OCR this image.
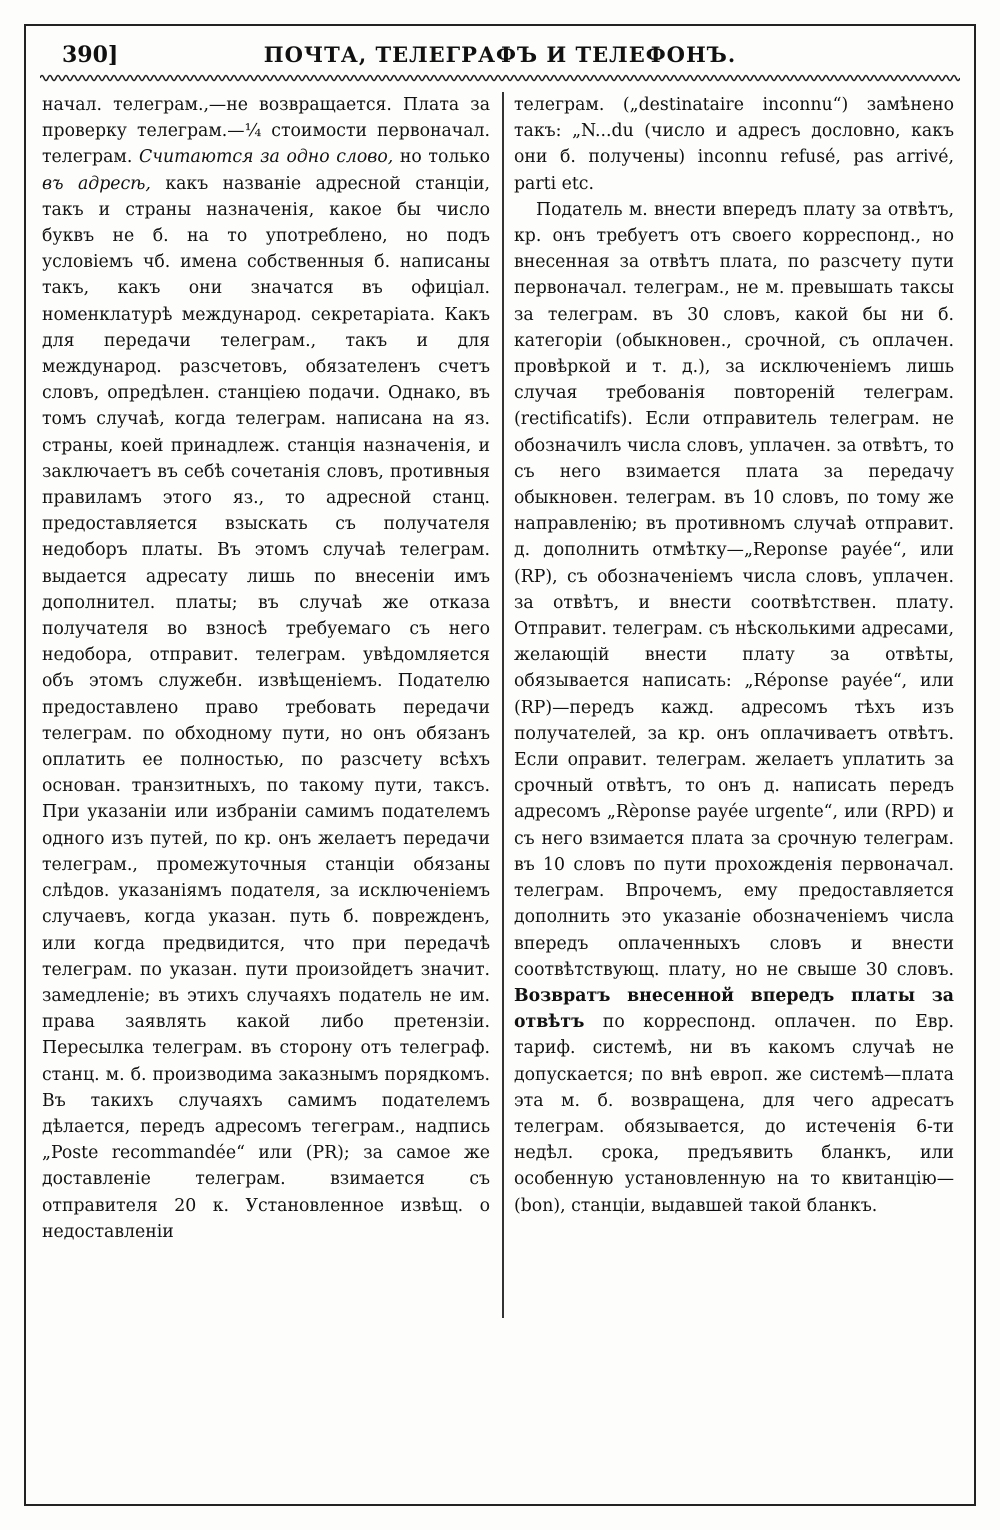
390]	ПОЧТА, ТЕЛЕГРАФЪ И ТЕЛЕФОНЪ.

начал. телеграм.,—не возвращается. Плата за проверку телеграм.—¼ стоимости первоначал. телеграм. Считаются за одно слово, но только въ адресѣ, какъ названіе адресной станціи, такъ и страны назначенія, какое бы число буквъ не б. на то употреблено, но подъ условіемъ чб. имена собственныя б. написаны такъ, какъ они значатся въ офиціал. номенклатурѣ международ. секретаріата. Какъ для передачи телеграм., такъ и для международ. разсчетовъ, обязателенъ счетъ словъ, опредѣлен. станціею подачи. Однако, въ томъ случаѣ, когда телеграм. написана на яз. страны, коей принадлеж. станція назначенія, и заключаетъ въ себѣ сочетанія словъ, противныя правиламъ этого яз., то адресной станц. предоставляется взыскать съ получателя недоборъ платы. Въ этомъ случаѣ телеграм. выдается адресату лишь по внесеніи имъ дополнител. платы; въ случаѣ же отказа получателя во взносѣ требуемаго съ него недобора, отправит. телеграм. увѣдомляется объ этомъ служебн. извѣщеніемъ. Подателю предоставлено право требовать передачи телеграм. по обходному пути, но онъ обязанъ оплатить ее полностью, по разсчету всѣхъ основан. транзитныхъ, по такому пути, таксъ. При указаніи или избраніи самимъ подателемъ одного изъ путей, по кр. онъ желаетъ передачи телеграм., промежуточныя станціи обязаны слѣдов. указаніямъ подателя, за исключеніемъ случаевъ, когда указан. путь б. поврежденъ, или когда предвидится, что при передачѣ телеграм. по указан. пути произойдетъ значит. замедленіе; въ этихъ случаяхъ податель не им. права заявлять какой либо претензіи. Пересылка телеграм. въ сторону отъ телеграф. станц. м. б. производима заказнымъ порядкомъ. Въ такихъ случаяхъ самимъ подателемъ дѣлается, передъ адресомъ тегеграм., надпись „Poste recommandée“ или (PR); за самое же доставленіе телеграм. взимается съ отправителя 20 к. Установленное извѣщ. о недоставленіи

телеграм. („destinataire inconnu“) замѣнено такъ: „N...du (число и адресъ дословно, какъ они б. получены) inconnu refusé, pas arrivé, parti etc.

Податель м. внести впередъ плату за отвѣтъ, кр. онъ требуетъ отъ своего корреспонд., но внесенная за отвѣтъ плата, по разсчету пути первоначал. телеграм., не м. превышать таксы за телеграм. въ 30 словъ, какой бы ни б. категоріи (обыкновен., срочной, съ оплачен. провѣркой и т. д.), за исключеніемъ лишь случая требованія повтореній телеграм. (rectificatifs). Если отправитель телеграм. не обозначилъ числа словъ, уплачен. за отвѣтъ, то съ него взимается плата за передачу обыкновен. телеграм. въ 10 словъ, по тому же направленію; въ противномъ случаѣ отправит. д. дополнить отмѣтку—„Reponse payée“, или (RP), съ обозначеніемъ числа словъ, уплачен. за отвѣтъ, и внести соотвѣтствен. плату. Отправит. телеграм. съ нѣсколькими адресами, желающій внести плату за отвѣты, обязывается написать: „Réponse payée“, или (RP)—передъ кажд. адресомъ тѣхъ изъ получателей, за кр. онъ оплачиваетъ отвѣтъ. Если оправит. телеграм. желаетъ уплатить за срочный отвѣтъ, то онъ д. написать передъ адресомъ „Rèponse payée urgente“, или (RPD) и съ него взимается плата за срочную телеграм. въ 10 словъ по пути прохожденія первоначал. телеграм. Впрочемъ, ему предоставляется дополнить это указаніе обозначеніемъ числа впередъ оплаченныхъ словъ и внести соотвѣтствующ. плату, но не свыше 30 словъ. Возвратъ внесенной впередъ платы за отвѣтъ по корреспонд. оплачен. по Евр. тариф. системѣ, ни въ какомъ случаѣ не допускается; по внѣ европ. же системѣ—плата эта м. б. возвращена, для чего адресатъ телеграм. обязывается, до истеченія 6-ти недѣл. срока, предъявить бланкъ, или особенную установленную на то квитанцію—(bon), станціи, выдавшей такой бланкъ.
